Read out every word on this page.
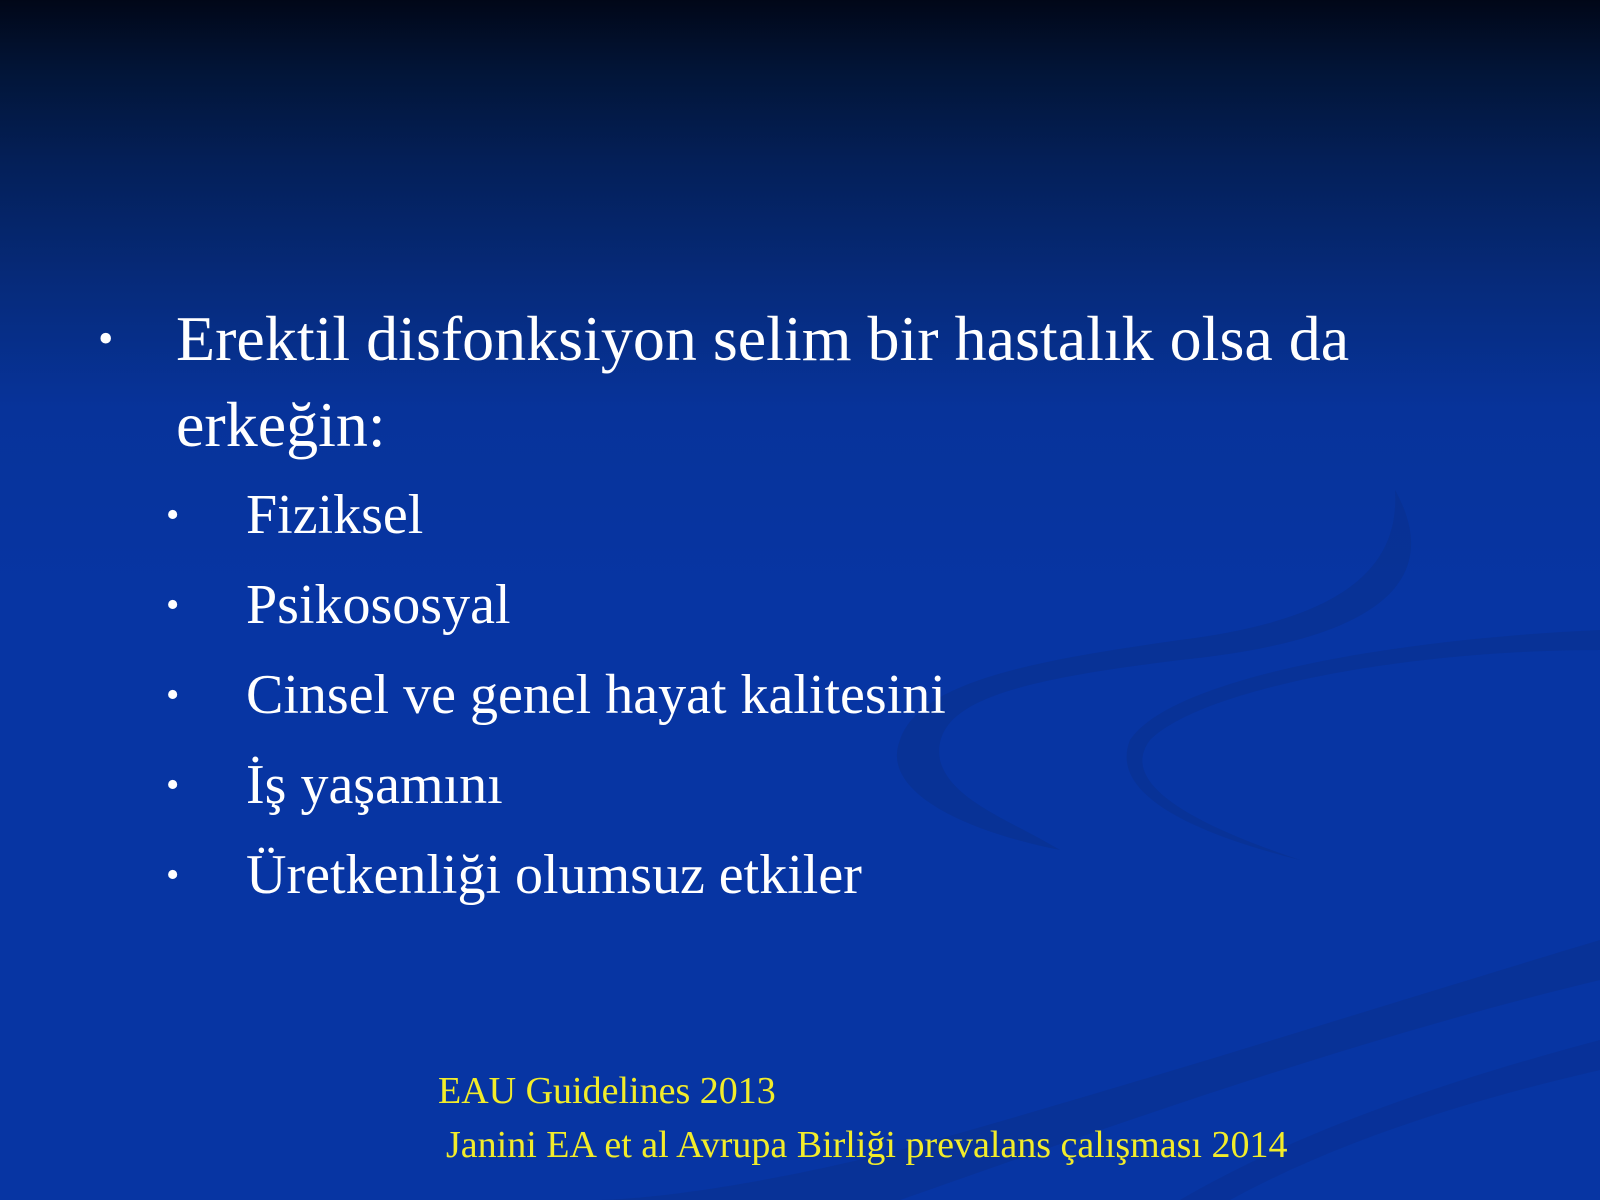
• Erektil disfonksiyon selim bir hastalık olsa da erkeğin:
• Fiziksel
• Psikososyal
• Cinsel ve genel hayat kalitesini
• İş yaşamını
• Üretkenliği olumsuz etkiler
EAU Guidelines 2013
Janini EA et al Avrupa Birliği prevalans çalışması 2014
